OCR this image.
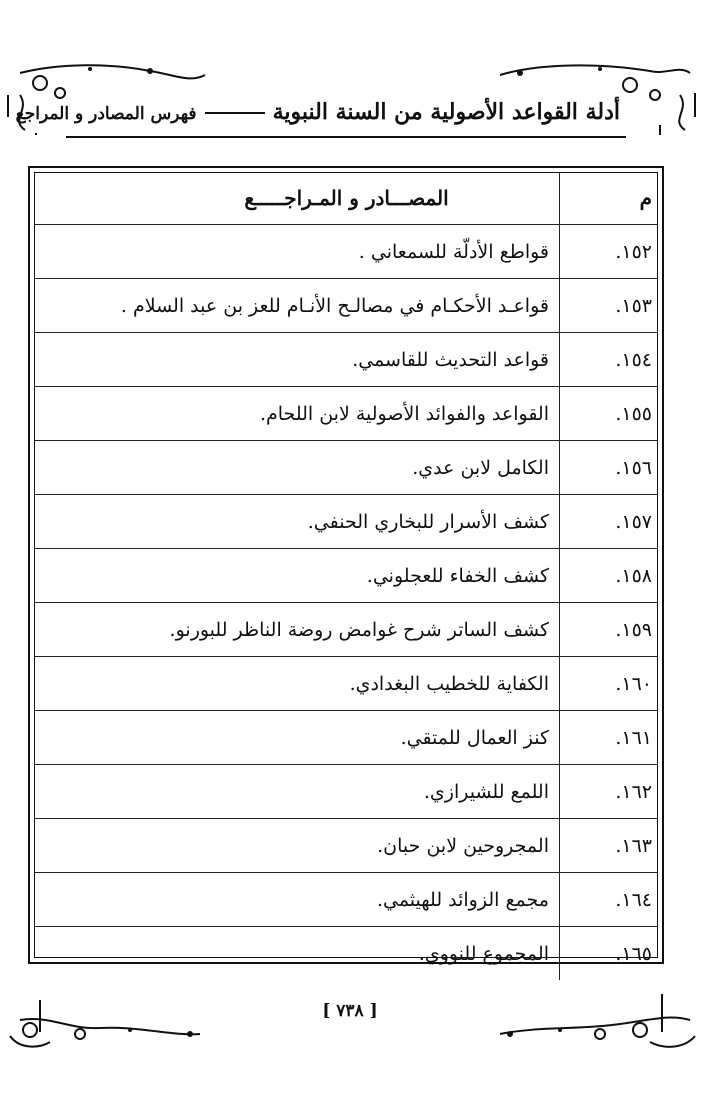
أدلة القواعد الأصولية من السنة النبويةفهرس المصادر و المراجع
م	المصـــادر و المـراجـــــع
١٥٢.	قواطع الأدلّة للسمعاني .
١٥٣.	قواعـد الأحكـام في مصالـح الأنـام للعز بن عبد السلام .
١٥٤.	قواعد التحديث للقاسمي.
١٥٥.	القواعد والفوائد الأصولية لابن اللحام.
١٥٦.	الكامل لابن عدي.
١٥٧.	كشف الأسرار للبخاري الحنفي.
١٥٨.	كشف الخفاء للعجلوني.
١٥٩.	كشف الساتر شرح غوامض روضة الناظر للبورنو.
١٦٠.	الكفاية للخطيب البغدادي.
١٦١.	كنز العمال للمتقي.
١٦٢.	اللمع للشيرازي.
١٦٣.	المجروحين لابن حبان.
١٦٤.	مجمع الزوائد للهيثمي.
١٦٥.	المجموع للنووي.
[ ٧٣٨ ]
